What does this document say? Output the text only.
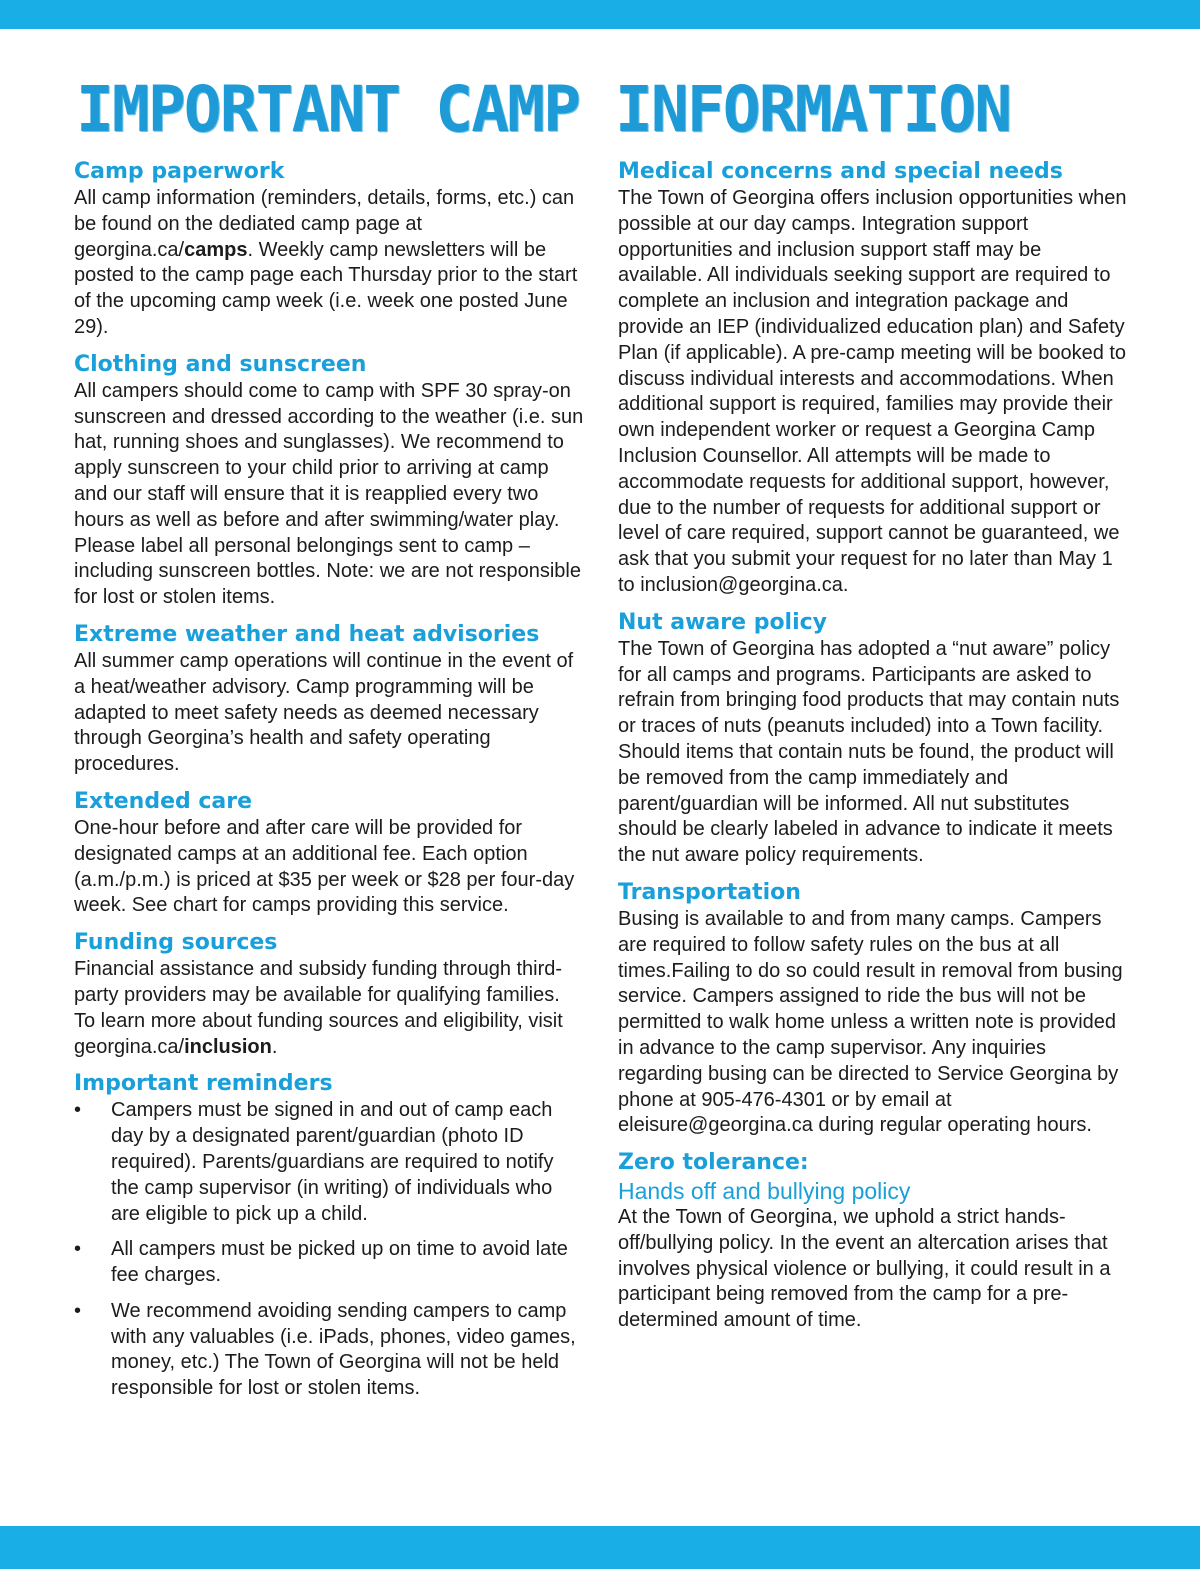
IMPORTANT CAMP INFORMATION
Camp paperwork

All camp information (reminders, details, forms, etc.) can be found on the dediated camp page at georgina.ca/camps. Weekly camp newsletters will be posted to the camp page each Thursday prior to the start of the upcoming camp week (i.e. week one posted June 29).

Clothing and sunscreen

All campers should come to camp with SPF 30 spray-on sunscreen and dressed according to the weather (i.e. sun hat, running shoes and sunglasses). We recommend to apply sunscreen to your child prior to arriving at camp and our staff will ensure that it is reapplied every two hours as well as before and after swimming/water play. Please label all personal belongings sent to camp – including sunscreen bottles. Note: we are not responsible for lost or stolen items.

Extreme weather and heat advisories

All summer camp operations will continue in the event of a heat/weather advisory. Camp programming will be adapted to meet safety needs as deemed necessary through Georgina’s health and safety operating procedures.

Extended care

One-hour before and after care will be provided for designated camps at an additional fee. Each option (a.m./p.m.) is priced at $35 per week or $28 per four-day week. See chart for camps providing this service.

Funding sources

Financial assistance and subsidy funding through third-party providers may be available for qualifying families. To learn more about funding sources and eligibility, visit georgina.ca/inclusion.

Important reminders
• Campers must be signed in and out of camp each day by a designated parent/guardian (photo ID required). Parents/guardians are required to notify the camp supervisor (in writing) of individuals who are eligible to pick up a child.
• All campers must be picked up on time to avoid late fee charges.
• We recommend avoiding sending campers to camp with any valuables (i.e. iPads, phones, video games, money, etc.) The Town of Georgina will not be held responsible for lost or stolen items.
Medical concerns and special needs

The Town of Georgina offers inclusion opportunities when possible at our day camps. Integration support opportunities and inclusion support staff may be available. All individuals seeking support are required to complete an inclusion and integration package and provide an IEP (individualized education plan) and Safety Plan (if applicable). A pre-camp meeting will be booked to discuss individual interests and accommodations. When additional support is required, families may provide their own independent worker or request a Georgina Camp Inclusion Counsellor. All attempts will be made to accommodate requests for additional support, however, due to the number of requests for additional support or level of care required, support cannot be guaranteed, we ask that you submit your request for no later than May 1 to inclusion@georgina.ca.

Nut aware policy

The Town of Georgina has adopted a “nut aware” policy for all camps and programs. Participants are asked to refrain from bringing food products that may contain nuts or traces of nuts (peanuts included) into a Town facility. Should items that contain nuts be found, the product will be removed from the camp immediately and parent/guardian will be informed. All nut substitutes should be clearly labeled in advance to indicate it meets the nut aware policy requirements.

Transportation

Busing is available to and from many camps. Campers are required to follow safety rules on the bus at all times.Failing to do so could result in removal from busing service. Campers assigned to ride the bus will not be permitted to walk home unless a written note is provided in advance to the camp supervisor. Any inquiries regarding busing can be directed to Service Georgina by phone at 905-476-4301 or by email at eleisure@georgina.ca during regular operating hours.

Zero tolerance:
Hands off and bullying policy

At the Town of Georgina, we uphold a strict hands-off/bullying policy. In the event an altercation arises that involves physical violence or bullying, it could result in a participant being removed from the camp for a pre-determined amount of time.
